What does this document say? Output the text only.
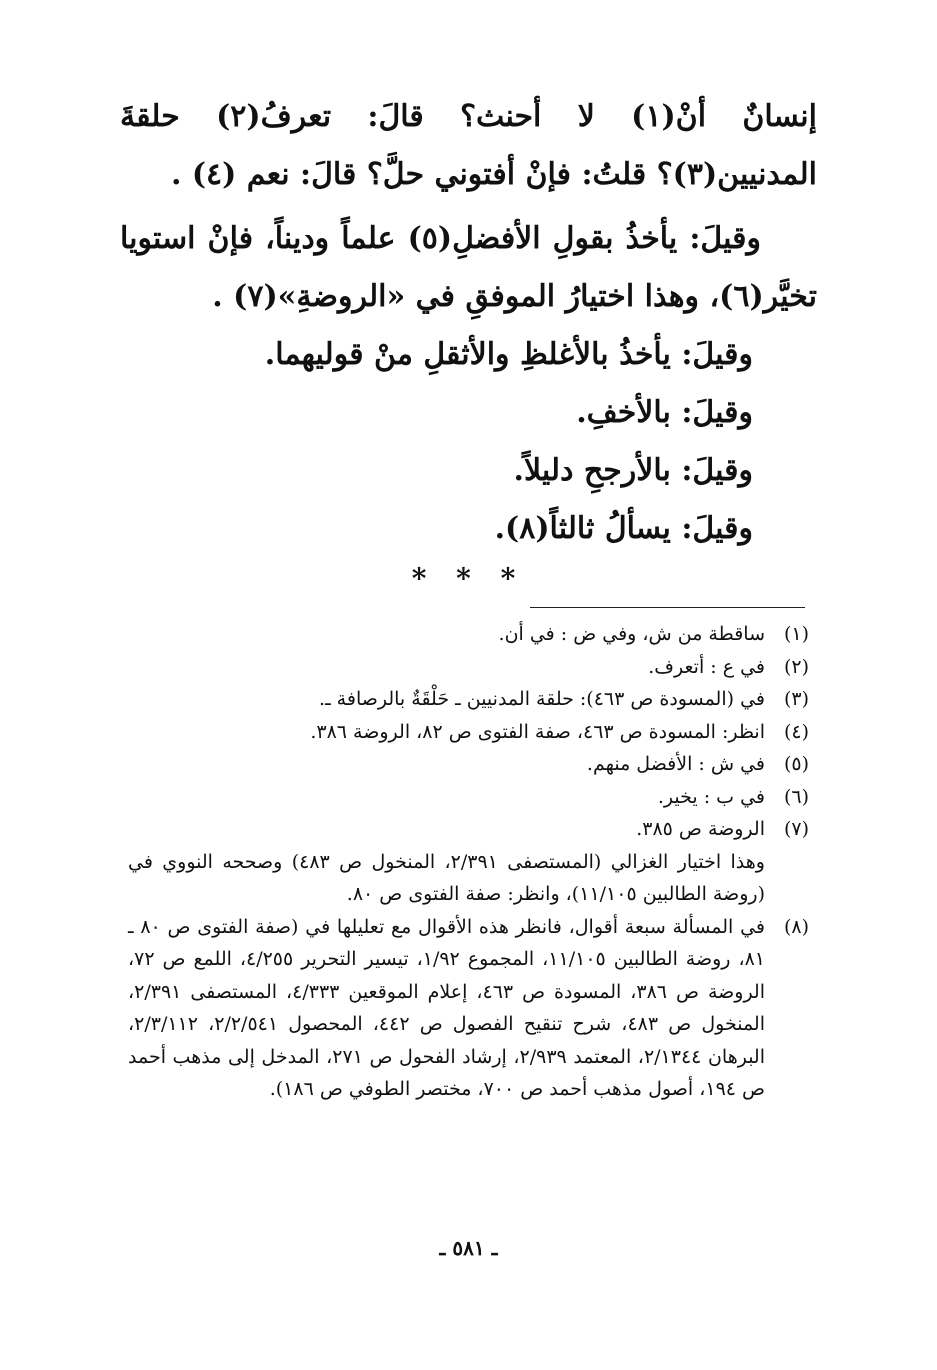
إنسانٌ أنْ(١) لا أحنث؟ قالَ: تعرفُ(٢) حلقةَ المدنيين(٣)؟ قلتُ: فإنْ أفتوني حلَّ؟ قالَ: نعم (٤) .

وقيلَ: يأخذُ بقولِ الأفضلِ(٥) علماً وديناً، فإنْ استويا تخيَّر(٦)، وهذا اختيارُ الموفقِ في «الروضةِ»(٧) .

وقيلَ: يأخذُ بالأغلظِ والأثقلِ منْ قوليهما.

وقيلَ: بالأخفِ.

وقيلَ: بالأرجحِ دليلاً.

وقيلَ: يسألُ ثالثاً(٨).

* * *
(١)
ساقطة من ش، وفي ض : في أن.
(٢)
في ع : أتعرف.
(٣)
في (المسودة ص ٤٦٣): حلقة المدنيين ـ حَلْقَةٌ بالرصافة ـ.
(٤)
انظر: المسودة ص ٤٦٣، صفة الفتوى ص ٨٢، الروضة ٣٨٦.
(٥)
في ش : الأفضل منهم.
(٦)
في ب : يخير.
(٧)
الروضة ص ٣٨٥.
وهذا اختيار الغزالي (المستصفى ٢/٣٩١، المنخول ص ٤٨٣) وصححه النووي في (روضة الطالبين ١١/١٠٥)، وانظر: صفة الفتوى ص ٨٠.
(٨)
في المسألة سبعة أقوال، فانظر هذه الأقوال مع تعليلها في (صفة الفتوى ص ٨٠ ـ ٨١، روضة الطالبين ١١/١٠٥، المجموع ١/٩٢، تيسير التحرير ٤/٢٥٥، اللمع ص ٧٢، الروضة ص ٣٨٦، المسودة ص ٤٦٣، إعلام الموقعين ٤/٣٣٣، المستصفى ٢/٣٩١، المنخول ص ٤٨٣، شرح تنقيح الفصول ص ٤٤٢، المحصول ٢/٢/٥٤١، ٢/٣/١١٢، البرهان ٢/١٣٤٤، المعتمد ٢/٩٣٩، إرشاد الفحول ص ٢٧١، المدخل إلى مذهب أحمد ص ١٩٤، أصول مذهب أحمد ص ٧٠٠، مختصر الطوفي ص ١٨٦).
ـ ٥٨١ ـ
